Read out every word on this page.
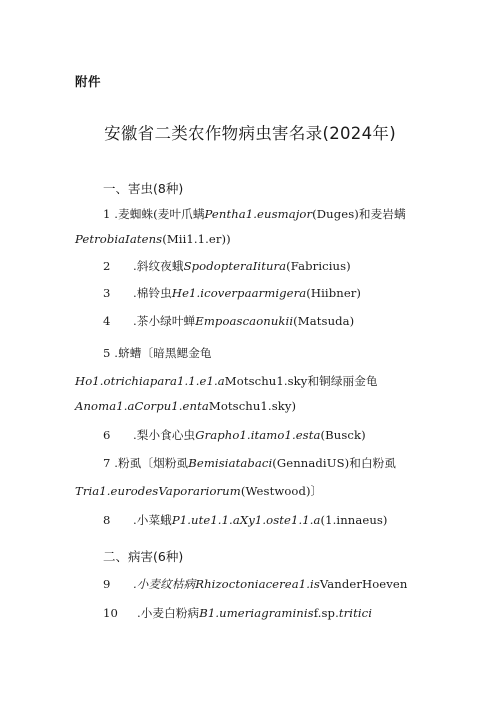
附件
安徽省二类农作物病虫害名录(2024年)
一、害虫(8种)
1 .麦蜘蛛(麦叶爪螨Pentha1.eusmajor(Duges)和麦岩螨
PetrobiaIatens(Mii1.1.er))
2 .斜纹夜蛾SpodopteraIitura(Fabricius)
3 .棉铃虫He1.icoverpaarmigera(Hiibner)
4 .茶小绿叶蝉Empoascaonukii(Matsuda)
5 .蛴螬〔暗黑鳃金龟
Ho1.otrichiapara1.1.e1.aMotschu1.sky和铜绿丽金龟
Anoma1.aCorpu1.entaMotschu1.sky)
6 .梨小食心虫Grapho1.itamo1.esta(Busck)
7 .粉虱〔烟粉虱Bemisiatabaci(GennadiUS)和白粉虱
Tria1.eurodesVaporariorum(Westwood)〕
8 .小菜蛾P1.ute1.1.aXy1.oste1.1.a(1.innaeus)
二、病害(6种)
9 .小麦纹枯病Rhizoctoniacerea1.isVanderHoeven
10 .小麦白粉病B1.umeriagraminisf.sp.tritici
